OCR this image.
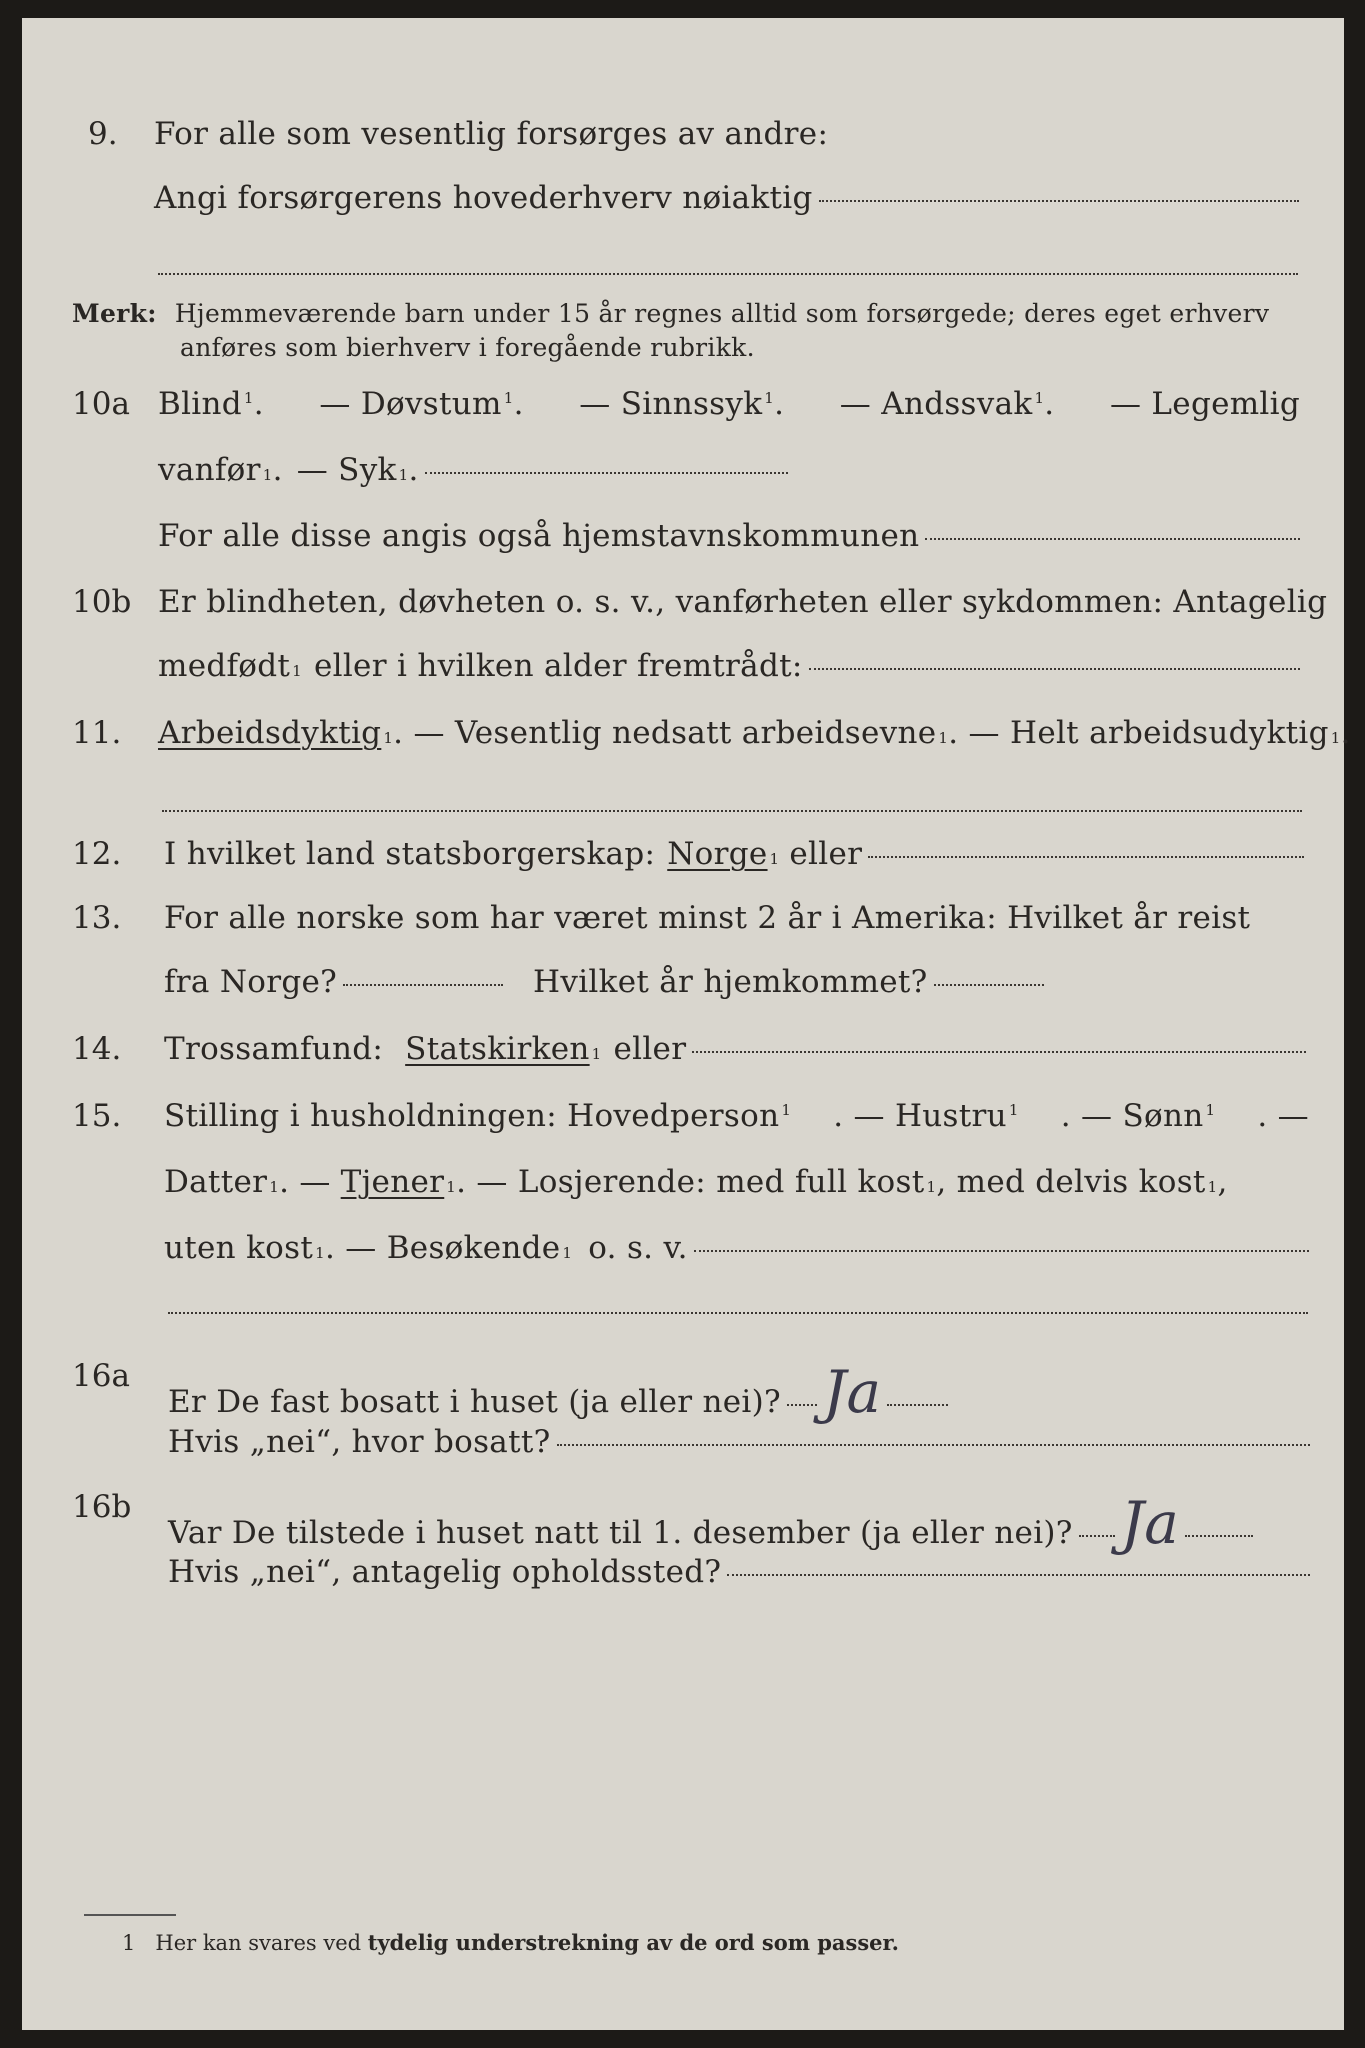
9. For alle som vesentlig forsørges av andre:
Angi forsørgerens hovederhverv nøiaktig
Merk: Hjemmeværende barn under 15 år regnes alltid som forsørgede; deres eget erhverv
anføres som bierhverv i foregående rubrikk.
10a Blind $^1$. — Døvstum $^1$. — Sinnssyk $^1$. — Andssvak $^1$. — Legemlig
vanfør 1 . — Syk 1 .
For alle disse angis også hjemstavnskommunen
10b Er blindheten, døvheten o. s. v., vanførheten eller sykdommen: Antagelig
medfødt 1 eller i hvilken alder fremtrådt:
11. Arbeidsdyktig 1 . — Vesentlig nedsatt arbeidsevne 1 . — Helt arbeidsudyktig 1 .
12. I hvilket land statsborgerskap: Norge 1 eller
13. For alle norske som har været minst 2 år i Amerika: Hvilket år reist
fra Norge?	Hvilket år hjemkommet?
14. Trossamfund: Statskirken 1 eller
15. Stilling i husholdningen: Hovedperson $^1$ . — Hustru $^1$ . — Sønn $^1$ . —
Datter 1 . — Tjener 1 . — Losjerende: med full kost 1 , med delvis kost 1 ,
uten kost 1 . — Besøkende 1 o. s. v.
16a
Er De fast bosatt i huset (ja eller nei)? Ja
Hvis „nei“, hvor bosatt?
16b
Var De tilstede i huset natt til 1. desember (ja eller nei)? Ja
Hvis „nei“, antagelig opholdssted?
1 Her kan svares ved tydelig understrekning av de ord som passer.
